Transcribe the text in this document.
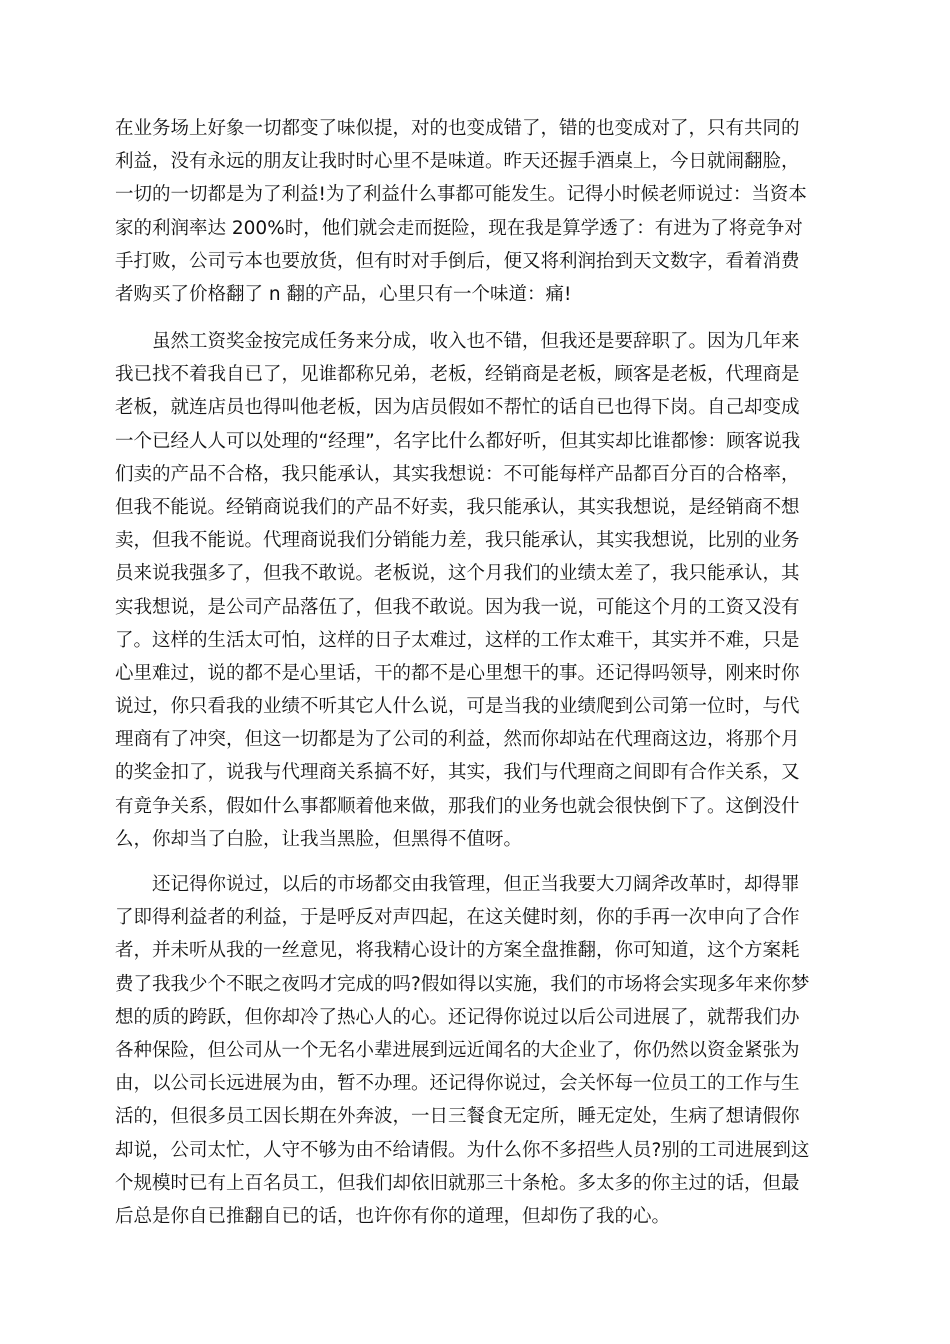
在业务场上好象一切都变了味似提，对的也变成错了，错的也变成对了，只有共同的
利益，没有永远的朋友让我时时心里不是味道。昨天还握手酒桌上，今日就闹翻脸，
一切的一切都是为了利益!为了利益什么事都可能发生。记得小时候老师说过：当资本
家的利润率达 200%时，他们就会走而挺险，现在我是算学透了：有进为了将竞争对
手打败，公司亏本也要放货，但有时对手倒后，便又将利润抬到天文数字，看着消费
者购买了价格翻了 n 翻的产品，心里只有一个味道：痛!
　　虽然工资奖金按完成任务来分成，收入也不错，但我还是要辞职了。因为几年来
我已找不着我自已了，见谁都称兄弟，老板，经销商是老板，顾客是老板，代理商是
老板，就连店员也得叫他老板，因为店员假如不帮忙的话自已也得下岗。自己却变成
一个已经人人可以处理的“经理”，名字比什么都好听，但其实却比谁都惨：顾客说我
们卖的产品不合格，我只能承认，其实我想说：不可能每样产品都百分百的合格率，
但我不能说。经销商说我们的产品不好卖，我只能承认，其实我想说，是经销商不想
卖，但我不能说。代理商说我们分销能力差，我只能承认，其实我想说，比别的业务
员来说我强多了，但我不敢说。老板说，这个月我们的业绩太差了，我只能承认，其
实我想说，是公司产品落伍了，但我不敢说。因为我一说，可能这个月的工资又没有
了。这样的生活太可怕，这样的日子太难过，这样的工作太难干，其实并不难，只是
心里难过，说的都不是心里话，干的都不是心里想干的事。还记得吗领导，刚来时你
说过，你只看我的业绩不听其它人什么说，可是当我的业绩爬到公司第一位时，与代
理商有了冲突，但这一切都是为了公司的利益，然而你却站在代理商这边，将那个月
的奖金扣了，说我与代理商关系搞不好，其实，我们与代理商之间即有合作关系，又
有竟争关系，假如什么事都顺着他来做，那我们的业务也就会很快倒下了。这倒没什
么，你却当了白脸，让我当黑脸，但黑得不值呀。
　　还记得你说过，以后的市场都交由我管理，但正当我要大刀阔斧改革时，却得罪
了即得利益者的利益，于是呼反对声四起，在这关健时刻，你的手再一次申向了合作
者，并未听从我的一丝意见，将我精心设计的方案全盘推翻，你可知道，这个方案耗
费了我我少个不眠之夜吗才完成的吗?假如得以实施，我们的市场将会实现多年来你梦
想的质的跨跃，但你却冷了热心人的心。还记得你说过以后公司进展了，就帮我们办
各种保险，但公司从一个无名小辈进展到远近闻名的大企业了，你仍然以资金紧张为
由，以公司长远进展为由，暂不办理。还记得你说过，会关怀每一位员工的工作与生
活的，但很多员工因长期在外奔波，一日三餐食无定所，睡无定处，生病了想请假你
却说，公司太忙，人守不够为由不给请假。为什么你不多招些人员?别的工司进展到这
个规模时已有上百名员工，但我们却依旧就那三十条枪。多太多的你主过的话，但最
后总是你自已推翻自已的话，也许你有你的道理，但却伤了我的心。
